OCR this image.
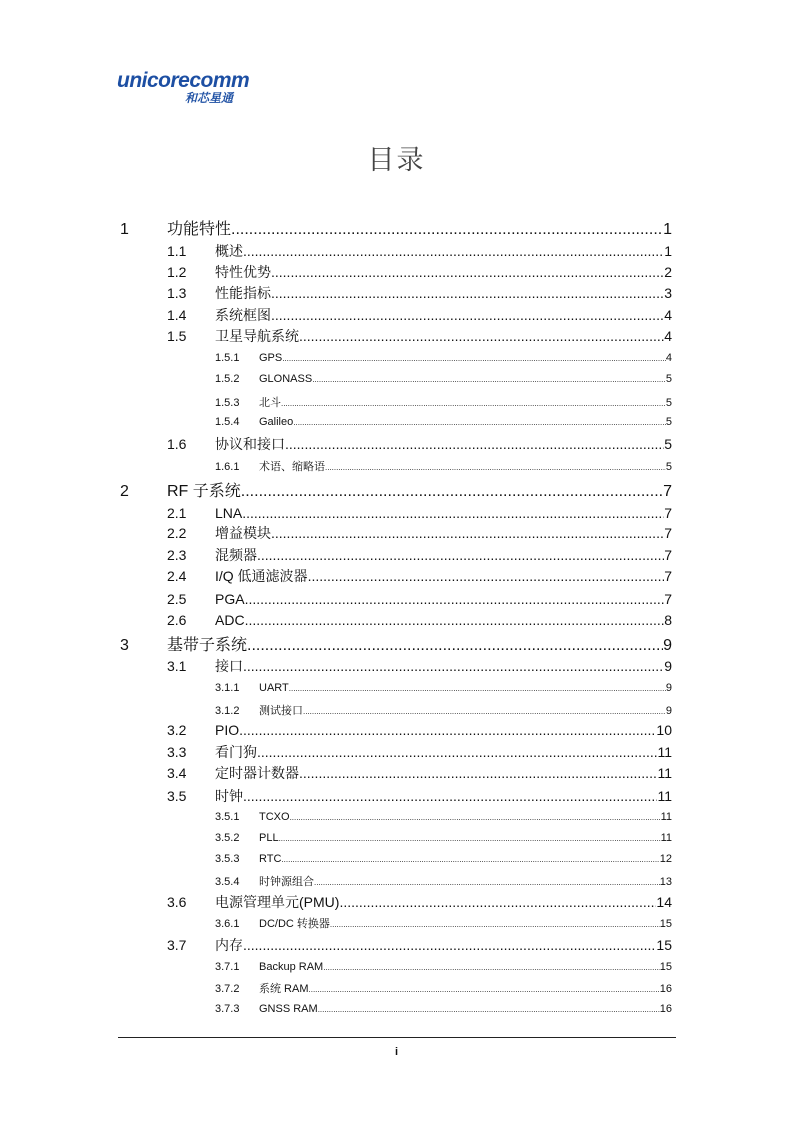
unicorecomm
和芯星通
目录
1	功能特性 .....	1
1.1	概述 .....	1
1.2	特性优势 .....	2
1.3	性能指标 .....	3
1.4	系统框图 .....	4
1.5	卫星导航系统 .....	4
1.5.1	GPS .....	4
1.5.2	GLONASS .....	5
1.5.3	北斗 .....	5
1.5.4	Galileo .....	5
1.6	协议和接口 .....	5
1.6.1	术语、缩略语 .....	5
2	RF 子系统 .....	7
2.1	LNA .....	7
2.2	增益模块 .....	7
2.3	混频器 .....	7
2.4	I/Q 低通滤波器 .....	7
2.5	PGA .....	7
2.6	ADC .....	8
3	基带子系统 .....	9
3.1	接口 .....	9
3.1.1	UART .....	9
3.1.2	测试接口 .....	9
3.2	PIO .....	10
3.3	看门狗 .....	11
3.4	定时器计数器 .....	11
3.5	时钟 .....	11
3.5.1	TCXO .....	11
3.5.2	PLL .....	11
3.5.3	RTC .....	12
3.5.4	时钟源组合 .....	13
3.6	电源管理单元(PMU) .....	14
3.6.1	DC/DC 转换器 .....	15
3.7	内存 .....	15
3.7.1	Backup RAM .....	15
3.7.2	系统 RAM .....	16
3.7.3	GNSS RAM .....	16
i
